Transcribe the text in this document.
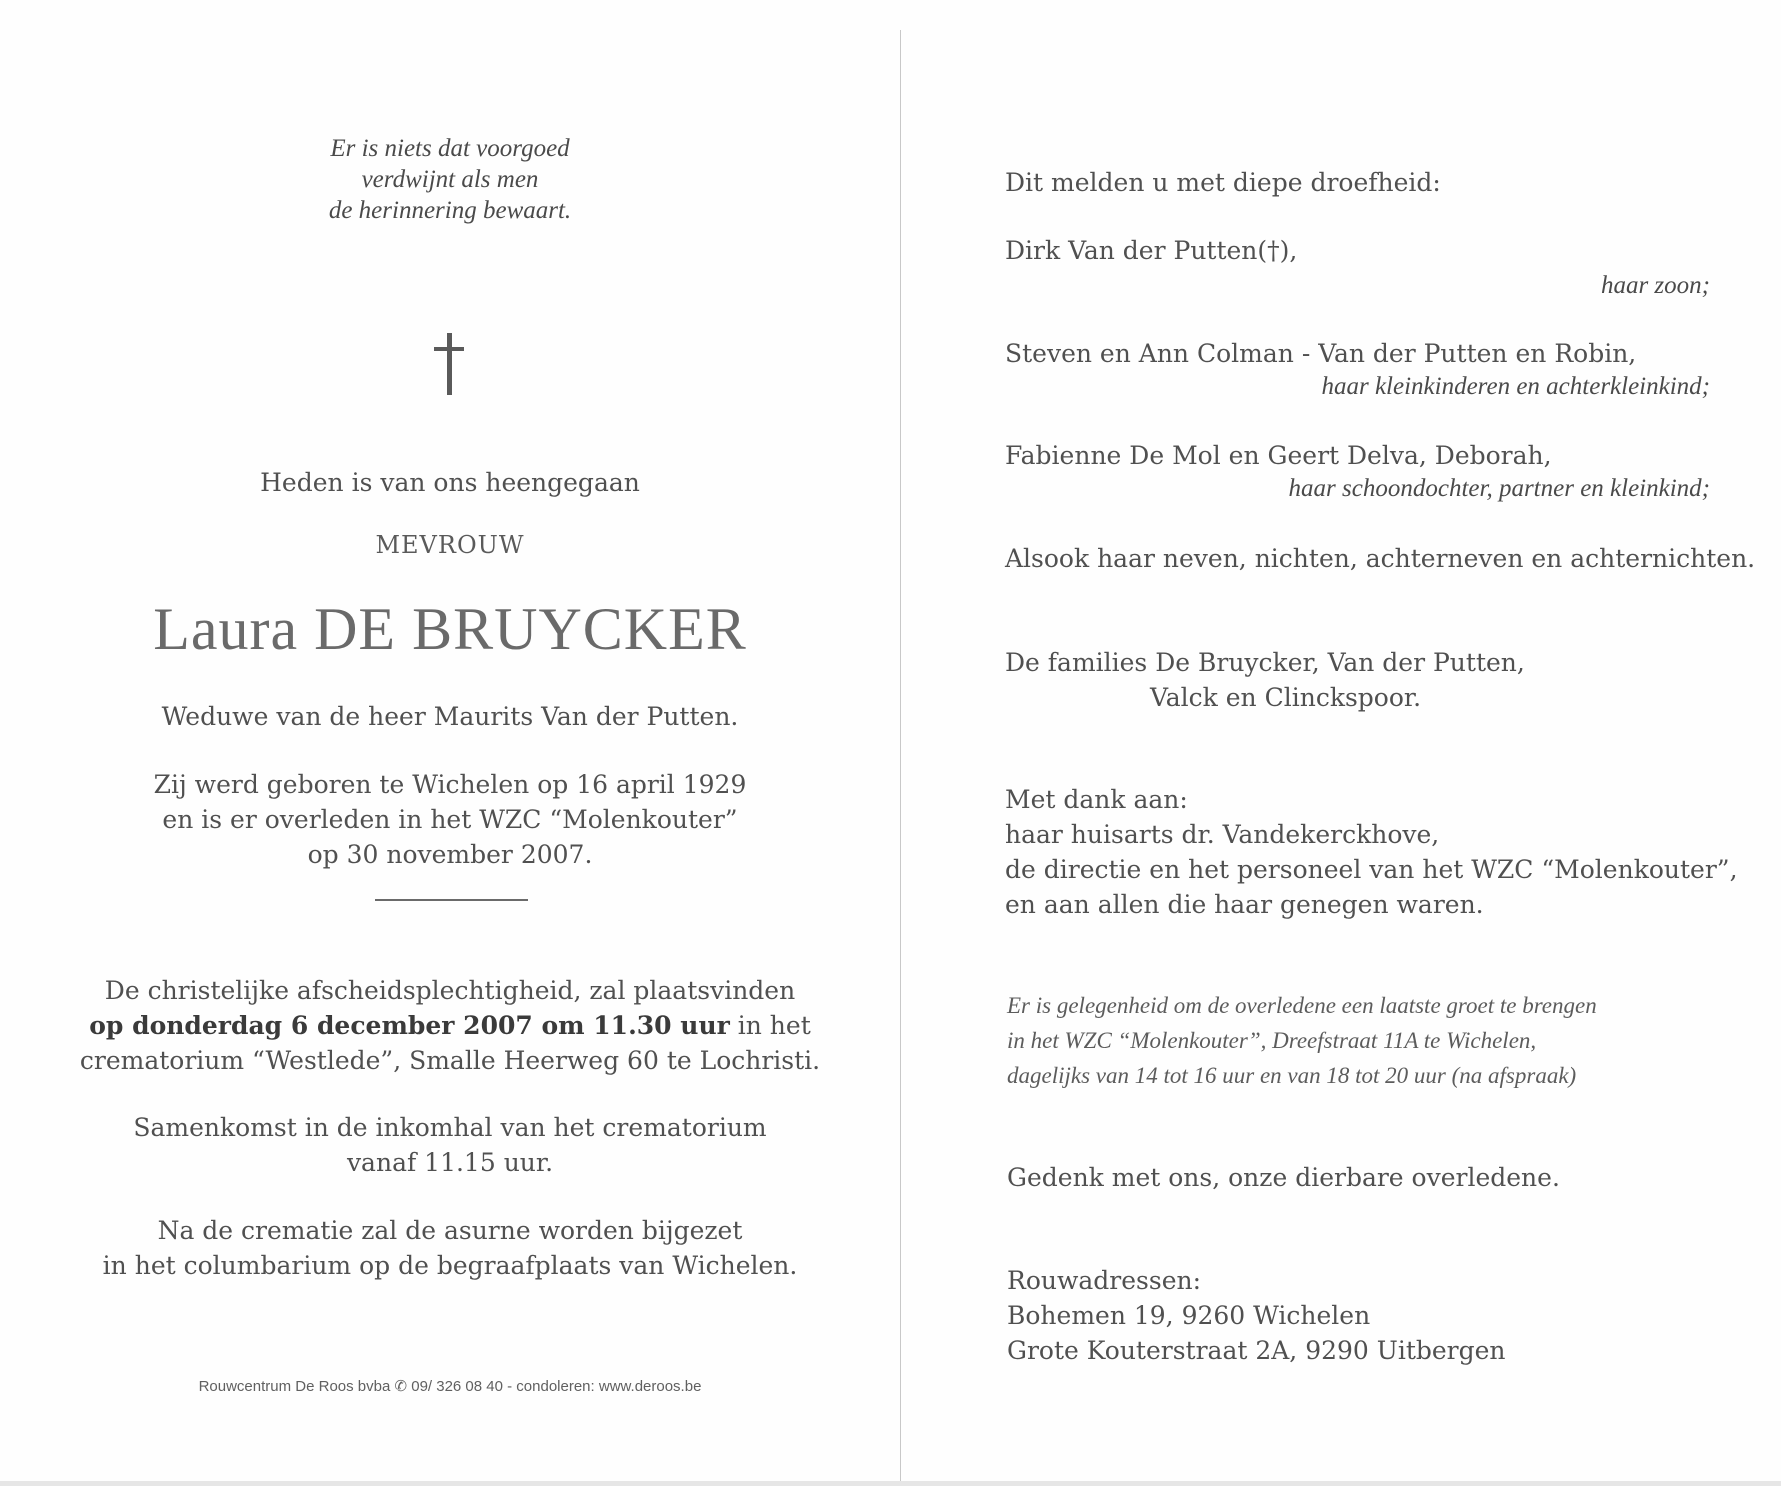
Er is niets dat voorgoed
verdwijnt als men
de herinnering bewaart.
Heden is van ons heengegaan
MEVROUW
Laura DE BRUYCKER
Weduwe van de heer Maurits Van der Putten.
Zij werd geboren te Wichelen op 16 april 1929
en is er overleden in het WZC “Molenkouter”
op 30 november 2007.
De christelijke afscheidsplechtigheid, zal plaatsvinden
op donderdag 6 december 2007 om 11.30 uur in het
crematorium “Westlede”, Smalle Heerweg 60 te Lochristi.
Samenkomst in de inkomhal van het crematorium
vanaf 11.15 uur.
Na de crematie zal de asurne worden bijgezet
in het columbarium op de begraafplaats van Wichelen.
Rouwcentrum De Roos bvba ✆ 09/ 326 08 40 - condoleren: www.deroos.be
Dit melden u met diepe droefheid:
Dirk Van der Putten(†),
haar zoon;
Steven en Ann Colman - Van der Putten en Robin,
haar kleinkinderen en achterkleinkind;
Fabienne De Mol en Geert Delva, Deborah,
haar schoondochter, partner en kleinkind;
Alsook haar neven, nichten, achterneven en achternichten.
De families De Bruycker, Van der Putten,
Valck en Clinckspoor.
Met dank aan:
haar huisarts dr. Vandekerckhove,
de directie en het personeel van het WZC “Molenkouter”,
en aan allen die haar genegen waren.
Er is gelegenheid om de overledene een laatste groet te brengen
in het WZC “Molenkouter”, Dreefstraat 11A te Wichelen,
dagelijks van 14 tot 16 uur en van 18 tot 20 uur (na afspraak)
Gedenk met ons, onze dierbare overledene.
Rouwadressen:
Bohemen 19, 9260 Wichelen
Grote Kouterstraat 2A, 9290 Uitbergen
